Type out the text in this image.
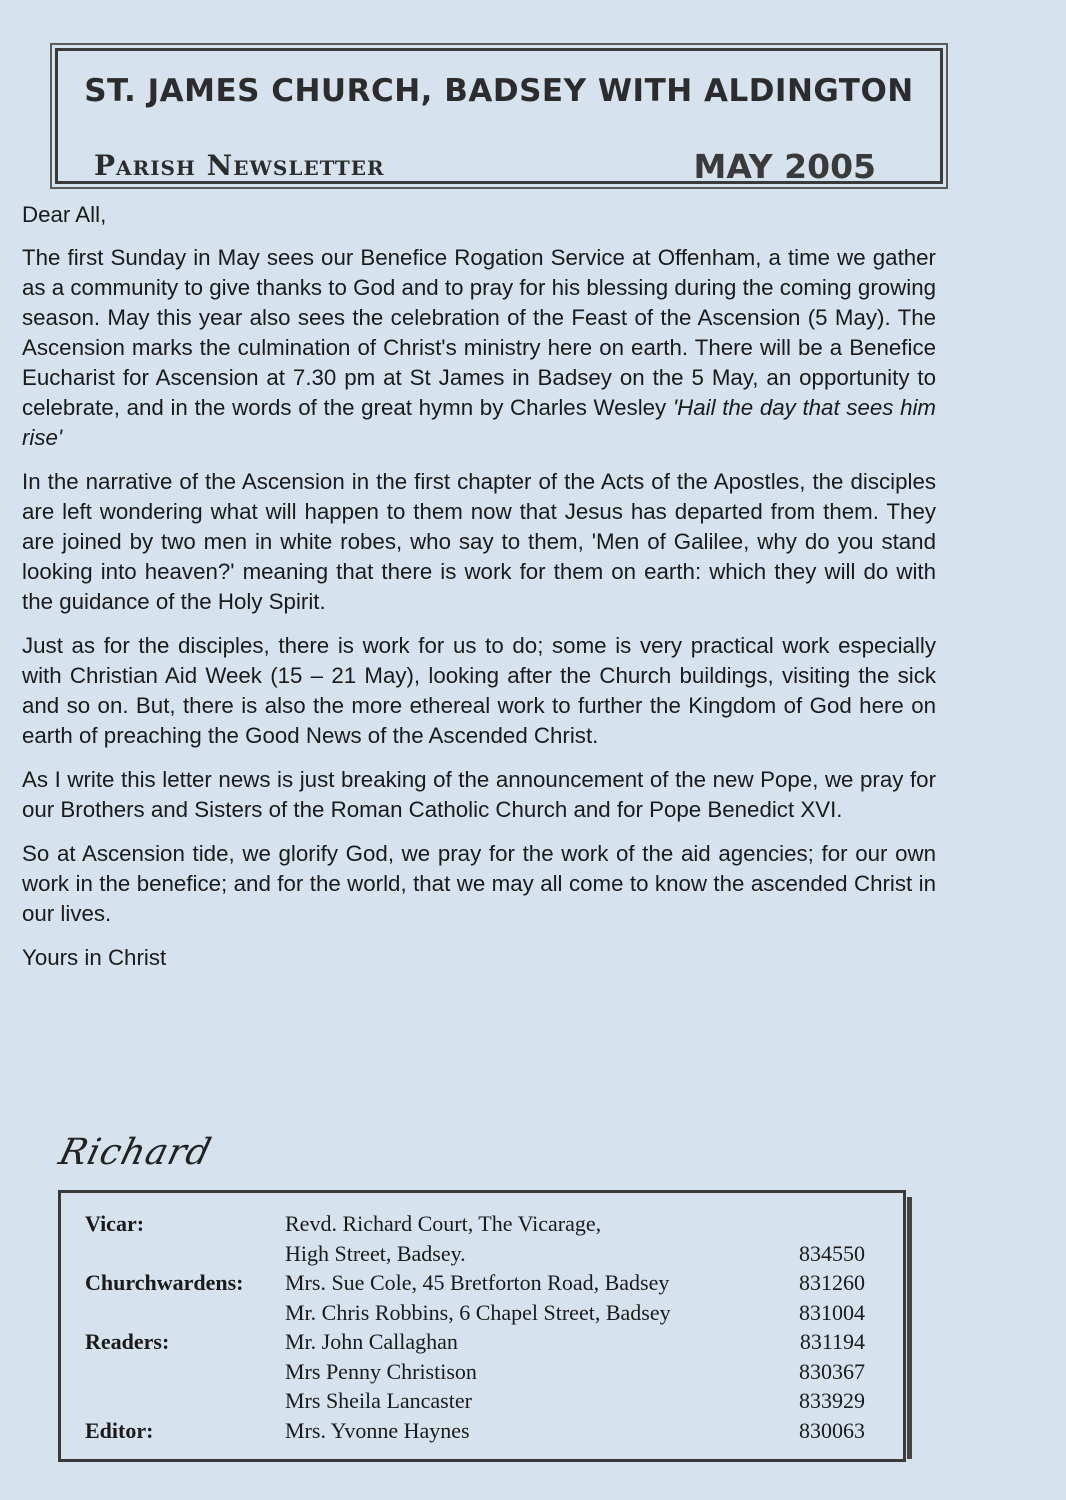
ST. JAMES CHURCH, BADSEY WITH ALDINGTON
Parish Newsletter	MAY 2005

Dear All,

The first Sunday in May sees our Benefice Rogation Service at Offenham, a time we gather as a community to give thanks to God and to pray for his blessing during the coming growing season. May this year also sees the celebration of the Feast of the Ascension (5 May). The Ascension marks the culmination of Christ's ministry here on earth. There will be a Benefice Eucharist for Ascension at 7.30 pm at St James in Badsey on the 5 May, an opportunity to celebrate, and in the words of the great hymn by Charles Wesley 'Hail the day that sees him rise'

In the narrative of the Ascension in the first chapter of the Acts of the Apostles, the disciples are left wondering what will happen to them now that Jesus has departed from them. They are joined by two men in white robes, who say to them, 'Men of Galilee, why do you stand looking into heaven?' meaning that there is work for them on earth: which they will do with the guidance of the Holy Spirit.

Just as for the disciples, there is work for us to do; some is very practical work especially with Christian Aid Week (15 – 21 May), looking after the Church buildings, visiting the sick and so on. But, there is also the more ethereal work to further the Kingdom of God here on earth of preaching the Good News of the Ascended Christ.

As I write this letter news is just breaking of the announcement of the new Pope, we pray for our Brothers and Sisters of the Roman Catholic Church and for Pope Benedict XVI.

So at Ascension tide, we glorify God, we pray for the work of the aid agencies; for our own work in the benefice; and for the world, that we may all come to know the ascended Christ in our lives.

Yours in Christ

Richard
Vicar:	Revd. Richard Court, The Vicarage,	
	High Street, Badsey.	834550
Churchwardens:	Mrs. Sue Cole, 45 Bretforton Road, Badsey	831260
	Mr. Chris Robbins, 6 Chapel Street, Badsey	831004
Readers:	Mr. John Callaghan	831194
	Mrs Penny Christison	830367
	Mrs Sheila Lancaster	833929
Editor:	Mrs. Yvonne Haynes	830063
